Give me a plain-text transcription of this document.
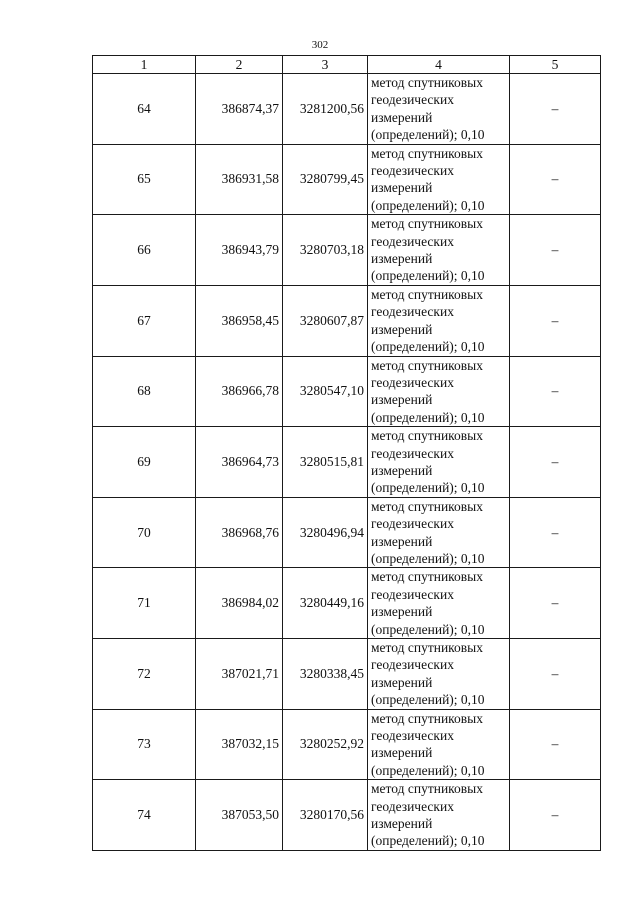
302
1	2	3	4	5
64	386874,37	3281200,56	метод спутниковых
геодезических
измерений
(определений); 0,10	–
65	386931,58	3280799,45	метод спутниковых
геодезических
измерений
(определений); 0,10	–
66	386943,79	3280703,18	метод спутниковых
геодезических
измерений
(определений); 0,10	–
67	386958,45	3280607,87	метод спутниковых
геодезических
измерений
(определений); 0,10	–
68	386966,78	3280547,10	метод спутниковых
геодезических
измерений
(определений); 0,10	–
69	386964,73	3280515,81	метод спутниковых
геодезических
измерений
(определений); 0,10	–
70	386968,76	3280496,94	метод спутниковых
геодезических
измерений
(определений); 0,10	–
71	386984,02	3280449,16	метод спутниковых
геодезических
измерений
(определений); 0,10	–
72	387021,71	3280338,45	метод спутниковых
геодезических
измерений
(определений); 0,10	–
73	387032,15	3280252,92	метод спутниковых
геодезических
измерений
(определений); 0,10	–
74	387053,50	3280170,56	метод спутниковых
геодезических
измерений
(определений); 0,10	–
